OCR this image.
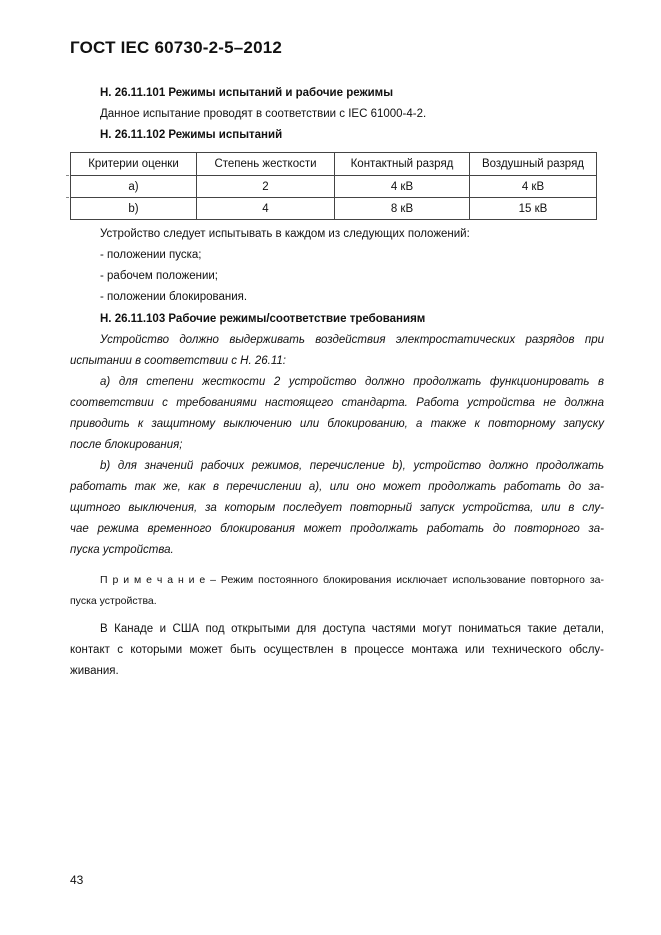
ГОСТ IEC 60730-2-5–2012
H. 26.11.101 Режимы испытаний и рабочие режимы
Данное испытание проводят в соответствии с IEC 61000-4-2.
H. 26.11.102 Режимы испытаний
Критерии оценки	Степень жесткости	Контактный разряд	Воздушный разряд
а)	2	4 кВ	4 кВ
b)	4	8 кВ	15 кВ
Устройство следует испытывать в каждом из следующих положений:
- положении пуска;
- рабочем положении;
- положении блокирования.
H. 26.11.103 Рабочие режимы/соответствие требованиям
Устройство должно выдерживать воздействия электростатических разрядов при
испытании в соответствии с H. 26.11:
a) для степени жесткости 2 устройство должно продолжать функционировать в
соответствии с требованиями настоящего стандарта. Работа устройства не должна
приводить к защитному выключению или блокированию, а также к повторному запуску
после блокирования;
b) для значений рабочих режимов, перечисление b), устройство должно продолжать
работать так же, как в перечислении a), или оно может продолжать работать до за-
щитного выключения, за которым последует повторный запуск устройства, или в слу-
чае режима временного блокирования может продолжать работать до повторного за-
пуска устройства.
П р и м е ч а н и е – Режим постоянного блокирования исключает использование повторного за-
пуска устройства.
В Канаде и США под открытыми для доступа частями могут пониматься такие детали,
контакт с которыми может быть осуществлен в процессе монтажа или технического обслу-
живания.
43
